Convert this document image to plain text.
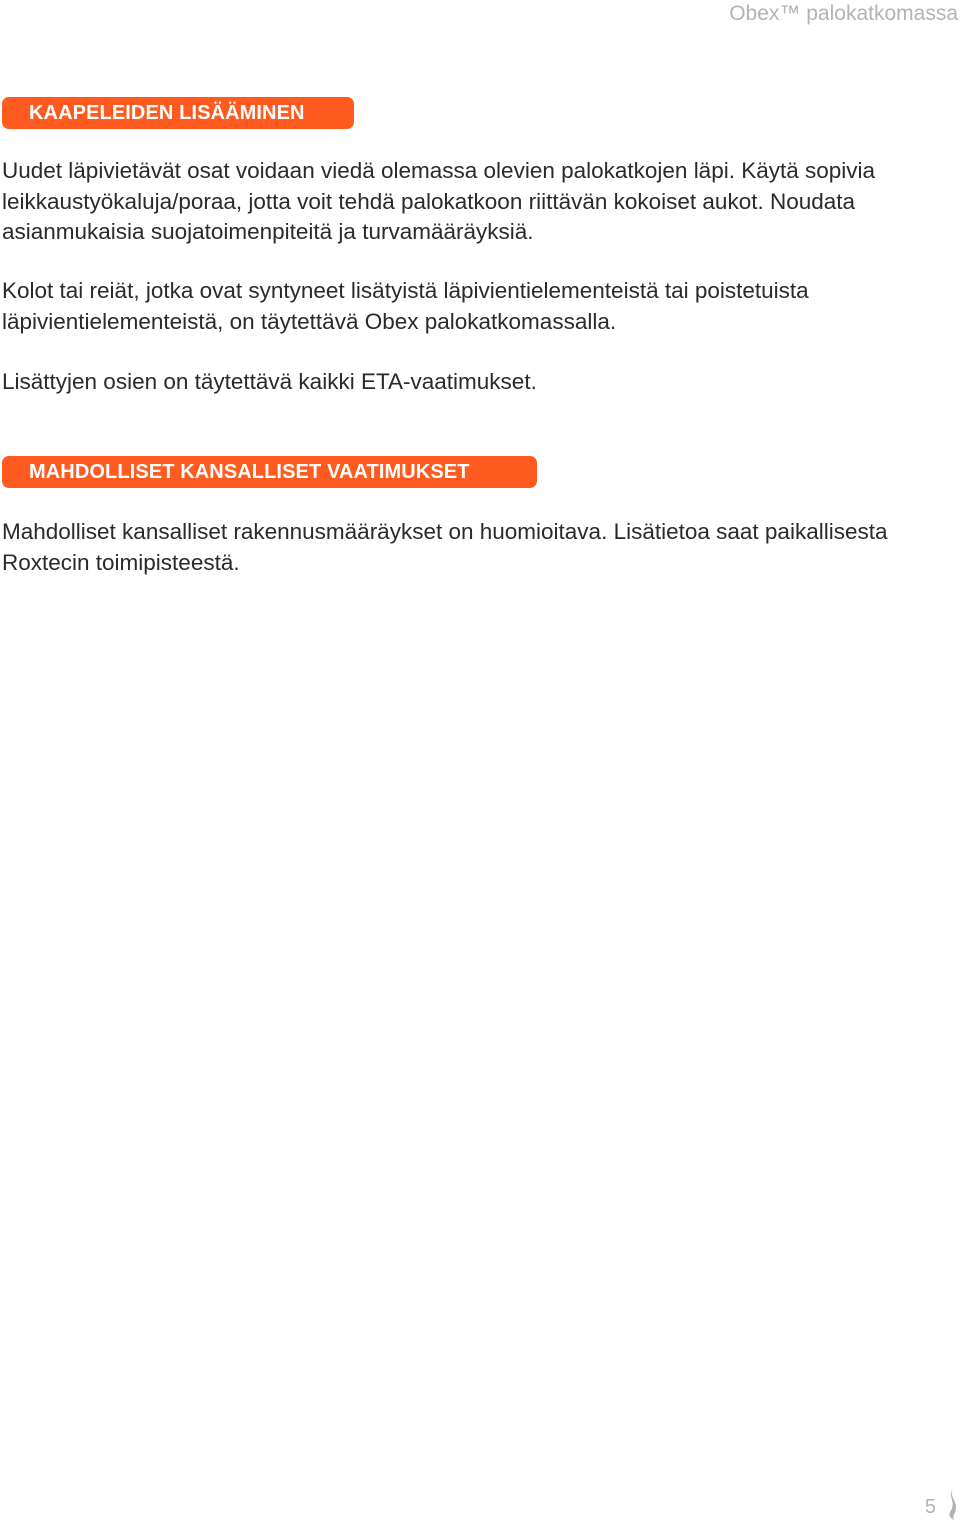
Obex™ palokatkomassa
KAAPELEIDEN LISÄÄMINEN

Uudet läpivietävät osat voidaan viedä olemassa olevien palokatkojen läpi. Käytä sopivia leikkaustyökaluja/poraa, jotta voit tehdä palokatkoon riittävän kokoiset aukot. Noudata asianmukaisia suojatoimenpiteitä ja turvamääräyksiä.

Kolot tai reiät, jotka ovat syntyneet lisätyistä läpivientielementeistä tai poistetuista läpivientielementeistä, on täytettävä Obex palokatkomassalla.

Lisättyjen osien on täytettävä kaikki ETA-vaatimukset.

MAHDOLLISET KANSALLISET VAATIMUKSET

Mahdolliset kansalliset rakennusmääräykset on huomioitava. Lisätietoa saat paikallisesta Roxtecin toimipisteestä.

5
